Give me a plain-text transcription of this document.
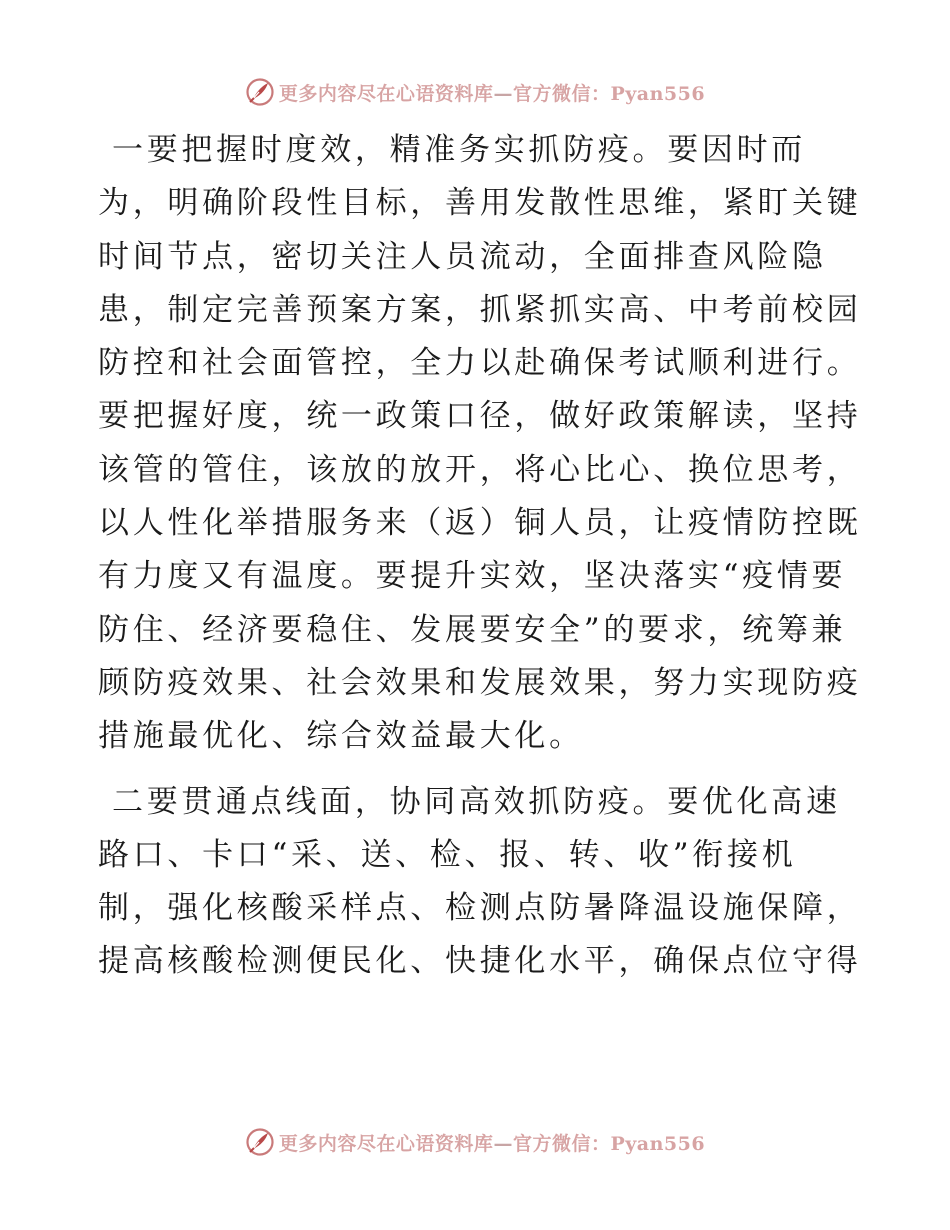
更多内容尽在心语资料库—官方微信：Pyan556

一要把握时度效，精准务实抓防疫。要因时而
为，明确阶段性目标，善用发散性思维，紧盯关键
时间节点，密切关注人员流动，全面排查风险隐
患，制定完善预案方案，抓紧抓实高、中考前校园
防控和社会面管控，全力以赴确保考试顺利进行。
要把握好度，统一政策口径，做好政策解读，坚持
该管的管住，该放的放开，将心比心、换位思考，
以人性化举措服务来（返）铜人员，让疫情防控既
有力度又有温度。要提升实效，坚决落实“疫情要
防住、经济要稳住、发展要安全”的要求，统筹兼
顾防疫效果、社会效果和发展效果，努力实现防疫
措施最优化、综合效益最大化。

二要贯通点线面，协同高效抓防疫。要优化高速
路口、卡口“采、送、检、报、转、收”衔接机
制，强化核酸采样点、检测点防暑降温设施保障，
提高核酸检测便民化、快捷化水平，确保点位守得

更多内容尽在心语资料库—官方微信：Pyan556
